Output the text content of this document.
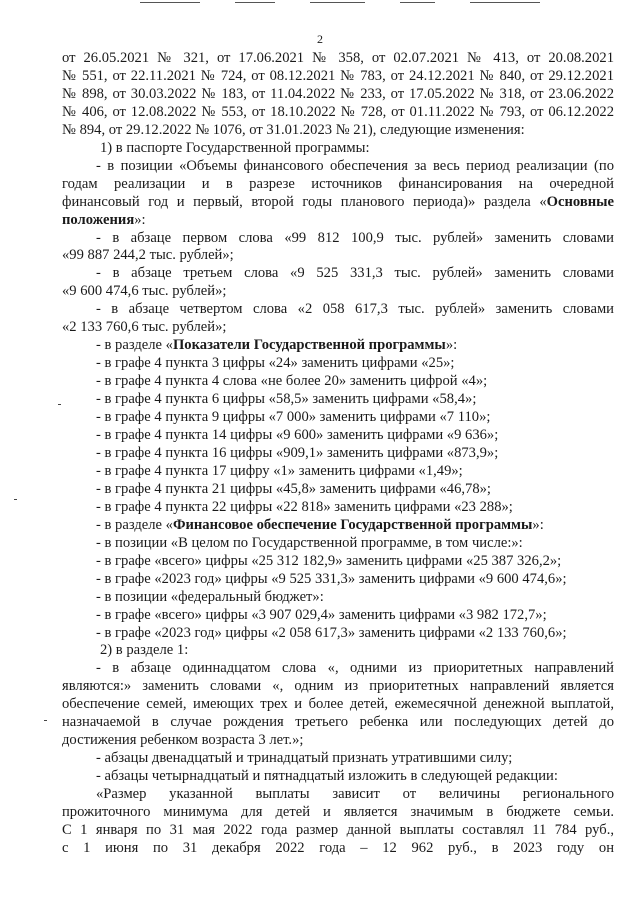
2
от 26.05.2021 № 321, от 17.06.2021 № 358, от 02.07.2021 № 413, от 20.08.2021
№ 551, от 22.11.2021 № 724, от 08.12.2021 № 783, от 24.12.2021 № 840, от 29.12.2021
№ 898, от 30.03.2022 № 183, от 11.04.2022 № 233, от 17.05.2022 № 318, от 23.06.2022
№ 406, от 12.08.2022 № 553, от 18.10.2022 № 728, от 01.11.2022 № 793, от 06.12.2022
№ 894, от 29.12.2022 № 1076, от 31.01.2023 № 21), следующие изменения:
1) в паспорте Государственной программы:
- в позиции «Объемы финансового обеспечения за весь период реализации (по
годам реализации и в разрезе источников финансирования на очередной
финансовый год и первый, второй годы планового периода)» раздела «Основные
положения»:
- в абзаце первом слова «99 812 100,9 тыс. рублей» заменить словами
«99 887 244,2 тыс. рублей»;
- в абзаце третьем слова «9 525 331,3 тыс. рублей» заменить словами
«9 600 474,6 тыс. рублей»;
- в абзаце четвертом слова «2 058 617,3 тыс. рублей» заменить словами
«2 133 760,6 тыс. рублей»;
- в разделе «Показатели Государственной программы»:
- в графе 4 пункта 3 цифры «24» заменить цифрами «25»;
- в графе 4 пункта 4 слова «не более 20» заменить цифрой «4»;
- в графе 4 пункта 6 цифры «58,5» заменить цифрами «58,4»;
- в графе 4 пункта 9 цифры «7 000» заменить цифрами «7 110»;
- в графе 4 пункта 14 цифры «9 600» заменить цифрами «9 636»;
- в графе 4 пункта 16 цифры «909,1» заменить цифрами «873,9»;
- в графе 4 пункта 17 цифру «1» заменить цифрами «1,49»;
- в графе 4 пункта 21 цифры «45,8» заменить цифрами «46,78»;
- в графе 4 пункта 22 цифры «22 818» заменить цифрами «23 288»;
- в разделе «Финансовое обеспечение Государственной программы»:
- в позиции «В целом по Государственной программе, в том числе:»:
- в графе «всего» цифры «25 312 182,9» заменить цифрами «25 387 326,2»;
- в графе «2023 год» цифры «9 525 331,3» заменить цифрами «9 600 474,6»;
- в позиции «федеральный бюджет»:
- в графе «всего» цифры «3 907 029,4» заменить цифрами «3 982 172,7»;
- в графе «2023 год» цифры «2 058 617,3» заменить цифрами «2 133 760,6»;
2) в разделе 1:
- в абзаце одиннадцатом слова «, одними из приоритетных направлений
являются:» заменить словами «, одним из приоритетных направлений является
обеспечение семей, имеющих трех и более детей, ежемесячной денежной выплатой,
назначаемой в случае рождения третьего ребенка или последующих детей до
достижения ребенком возраста 3 лет.»;
- абзацы двенадцатый и тринадцатый признать утратившими силу;
- абзацы четырнадцатый и пятнадцатый изложить в следующей редакции:
«Размер указанной выплаты зависит от величины регионального
прожиточного минимума для детей и является значимым в бюджете семьи.
С 1 января по 31 мая 2022 года размер данной выплаты составлял 11 784 руб.,
с 1 июня по 31 декабря 2022 года – 12 962 руб., в 2023 году он
